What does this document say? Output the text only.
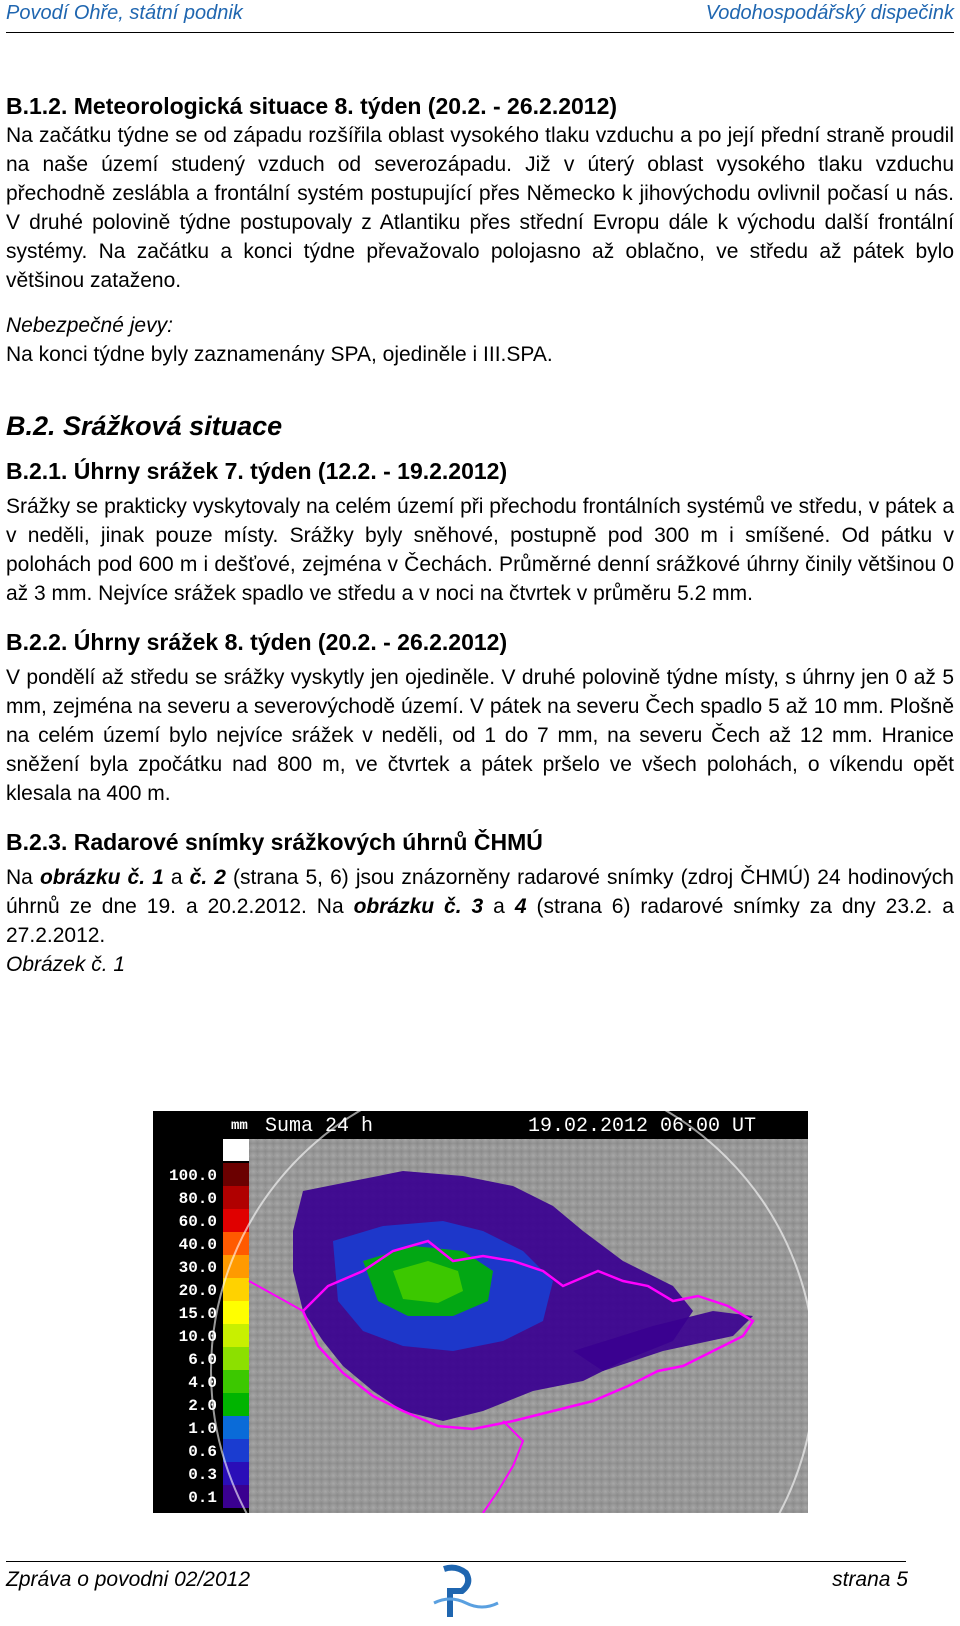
Povodí Ohře, státní podnik	Vodohospodářský dispečink
B.1.2. Meteorologická situace 8. týden (20.2. - 26.2.2012)

Na začátku týdne se od západu rozšířila oblast vysokého tlaku vzduchu a po její přední straně proudil na naše území studený vzduch od severozápadu. Již v úterý oblast vysokého tlaku vzduchu přechodně zeslábla a frontální systém postupující přes Německo k jihovýchodu ovlivnil počasí u nás. V druhé polovině týdne postupovaly z Atlantiku přes střední Evropu dále k východu další frontální systémy. Na začátku a konci týdne převažovalo polojasno až oblačno, ve středu až pátek bylo většinou zataženo.

Nebezpečné jevy:

Na konci týdne byly zaznamenány SPA, ojediněle i III.SPA.

B.2. Srážková situace
B.2.1. Úhrny srážek 7. týden (12.2. - 19.2.2012)

Srážky se prakticky vyskytovaly na celém území při přechodu frontálních systémů ve středu, v pátek a v neděli, jinak pouze místy. Srážky byly sněhové, postupně pod 300 m i smíšené. Od pátku v polohách pod 600 m i dešťové, zejména v Čechách. Průměrné denní srážkové úhrny činily většinou 0 až 3 mm. Nejvíce srážek spadlo ve středu a v noci na čtvrtek v průměru 5.2 mm.

B.2.2. Úhrny srážek 8. týden (20.2. - 26.2.2012)

V pondělí až středu se srážky vyskytly jen ojediněle. V druhé polovině týdne místy, s úhrny jen 0 až 5 mm, zejména na severu a severovýchodě území. V pátek na severu Čech spadlo 5 až 10 mm. Plošně na celém území bylo nejvíce srážek v neděli, od 1 do 7 mm, na severu Čech až 12 mm. Hranice sněžení byla zpočátku nad 800 m, ve čtvrtek a pátek pršelo ve všech polohách, o víkendu opět klesala na 400 m.

B.2.3. Radarové snímky srážkových úhrnů ČHMÚ

Na obrázku č. 1 a č. 2 (strana 5, 6) jsou znázorněny radarové snímky (zdroj ČHMÚ) 24 hodinových úhrnů ze dne 19. a 20.2.2012. Na obrázku č. 3 a 4 (strana 6) radarové snímky za dny 23.2. a 27.2.2012.

Obrázek č. 1

mm
100.0
80.0
60.0
40.0
30.0
20.0
15.0
10.0
6.0
4.0
2.0
1.0
0.6
0.3
0.1
Suma 24 h	19.02.2012 06:00 UT
Zpráva o povodni 02/2012	strana 5
